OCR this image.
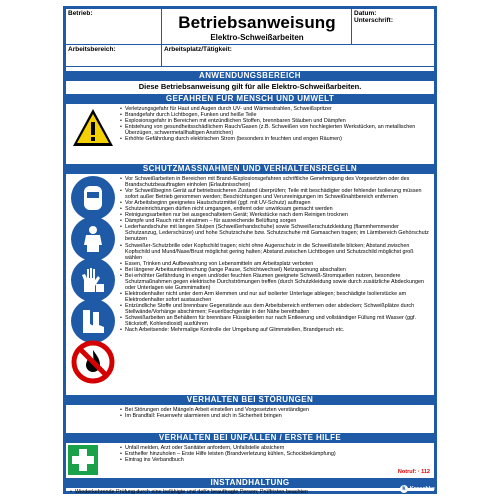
Betrieb:	Datum:
Unterschrift:
Betriebsanweisung
Elektro-Schweißarbeiten
Arbeitsbereich:	Arbeitsplatz/Tätigkeit:
ANWENDUNGSBEREICH
Diese Betriebsanweisung gilt für alle Elektro-Schweißarbeiten.
GEFAHREN FÜR MENSCH UND UMWELT
• Verletzungsgefahr für Haut und Augen durch UV- und Wärmestrahlen, Schweißspritzer
• Brandgefahr durch Lichtbogen, Funken und heiße Teile
• Explosionsgefahr in Bereichen mit entzündlichen Stoffen, brennbaren Stäuben und Dämpfen
• Entstehung von gesundheitsschädlichem Rauch/Gasen (z.B. Schweißen von hochlegierten Werkstücken, an metallischen Überzügen, schwermetallhaltigen Anstrichen)
• Erhöhte Gefährdung durch elektrischen Strom (besonders in feuchten und engen Räumen)
SCHUTZMASSNAHMEN UND VERHALTENSREGELN
• Vor Schweißarbeiten in Bereichen mit Brand-/Explosionsgefahren schriftliche Genehmigung des Vorgesetzten oder des Brandschutzbeauftragten einholen (Erlaubnisschein)
• Vor Schweißbeginn Gerät auf betriebssicheren Zustand überprüfen; Teile mit beschädigter oder fehlender Isolierung müssen sofort außer Betrieb genommen werden; Beschichtungen und Verunreinigungen im Schweißnahtbereich entfernen
• Vor Arbeitsbeginn geeignetes Hautschutzmittel (ggf. mit UV-Schutz) auftragen
• Schutzeinrichtungen dürfen nicht umgangen, entfernt oder unwirksam gemacht werden
• Reinigungsarbeiten nur bei ausgeschaltetem Gerät; Werkstücke nach dem Reinigen trocknen
• Dämpfe und Rauch nicht einatmen – für ausreichende Belüftung sorgen
• Lederhandschuhe mit langen Stulpen (Schweißerhandschuhe) sowie Schweißerschutzkleidung (flammhemmender Schutzanzug, Lederschürze) und hohe Schutzschuhe bzw. Schutzschuhe mit Gamaschen tragen; im Lärmbereich Gehörschutz benutzen
• Schweißer-Schutzbrille oder Kopfschild tragen; nicht ohne Augenschutz in die Schweißstelle blicken; Abstand zwischen Kopfschild und Mund/Nase/Brust möglichst gering halten; Abstand zwischen Lichtbogen und Schutzschild möglichst groß wählen
• Essen, Trinken und Aufbewahrung von Lebensmitteln am Arbeitsplatz verboten
• Bei längerer Arbeitsunterbrechung (lange Pause, Schichtwechsel) Netzspannung abschalten
• Bei erhöhter Gefährdung in engen und/oder feuchten Räumen geeignete Schweiß-Stromquellen nutzen, besondere Schutzmaßnahmen gegen elektrische Durchströmungen treffen (durch Schutzkleidung sowie durch zusätzliche Abdeckungen oder Unterlagen wie Gummimatten)
• Elektrodenhalter nicht unter dem Arm klemmen und nur auf isolierter Unterlage ablegen; beschädigte Isolierstücke am Elektrodenhalter sofort austauschen
• Entzündliche Stoffe und brennbare Gegenstände aus dem Arbeitsbereich entfernen oder abdecken; Schweißplätze durch Stellwände/Vorhänge abschirmen; Feuerlöschgeräte in der Nähe bereithalten
• Schweißarbeiten an Behältern für brennbare Flüssigkeiten nur nach Entleerung und vollständiger Füllung mit Wasser (ggf. Stickstoff, Kohlendioxid) ausführen
• Nach Arbeitsende: Mehrmalige Kontrolle der Umgebung auf Glimmstellen, Brandgeruch etc.
VERHALTEN BEI STÖRUNGEN
• Bei Störungen oder Mängeln Arbeit einstellen und Vorgesetzten verständigen
• Im Brandfall: Feuerwehr alarmieren und sich in Sicherheit bringen
VERHALTEN BEI UNFÄLLEN / ERSTE HILFE
• Unfall melden, Arzt oder Sanitäter anfordern, Unfallstelle absichern
• Ersthelfer hinzuholen – Erste Hilfe leisten (Brandverletzung kühlen, Schockbekämpfung)
• Eintrag ins Verbandbuch
Notruf: · 112
INSTANDHALTUNG
• Wiederkehrende Prüfung durch eine befähigte und dafür beauftragte Person; Prüffristen beachten	k Kroschke
